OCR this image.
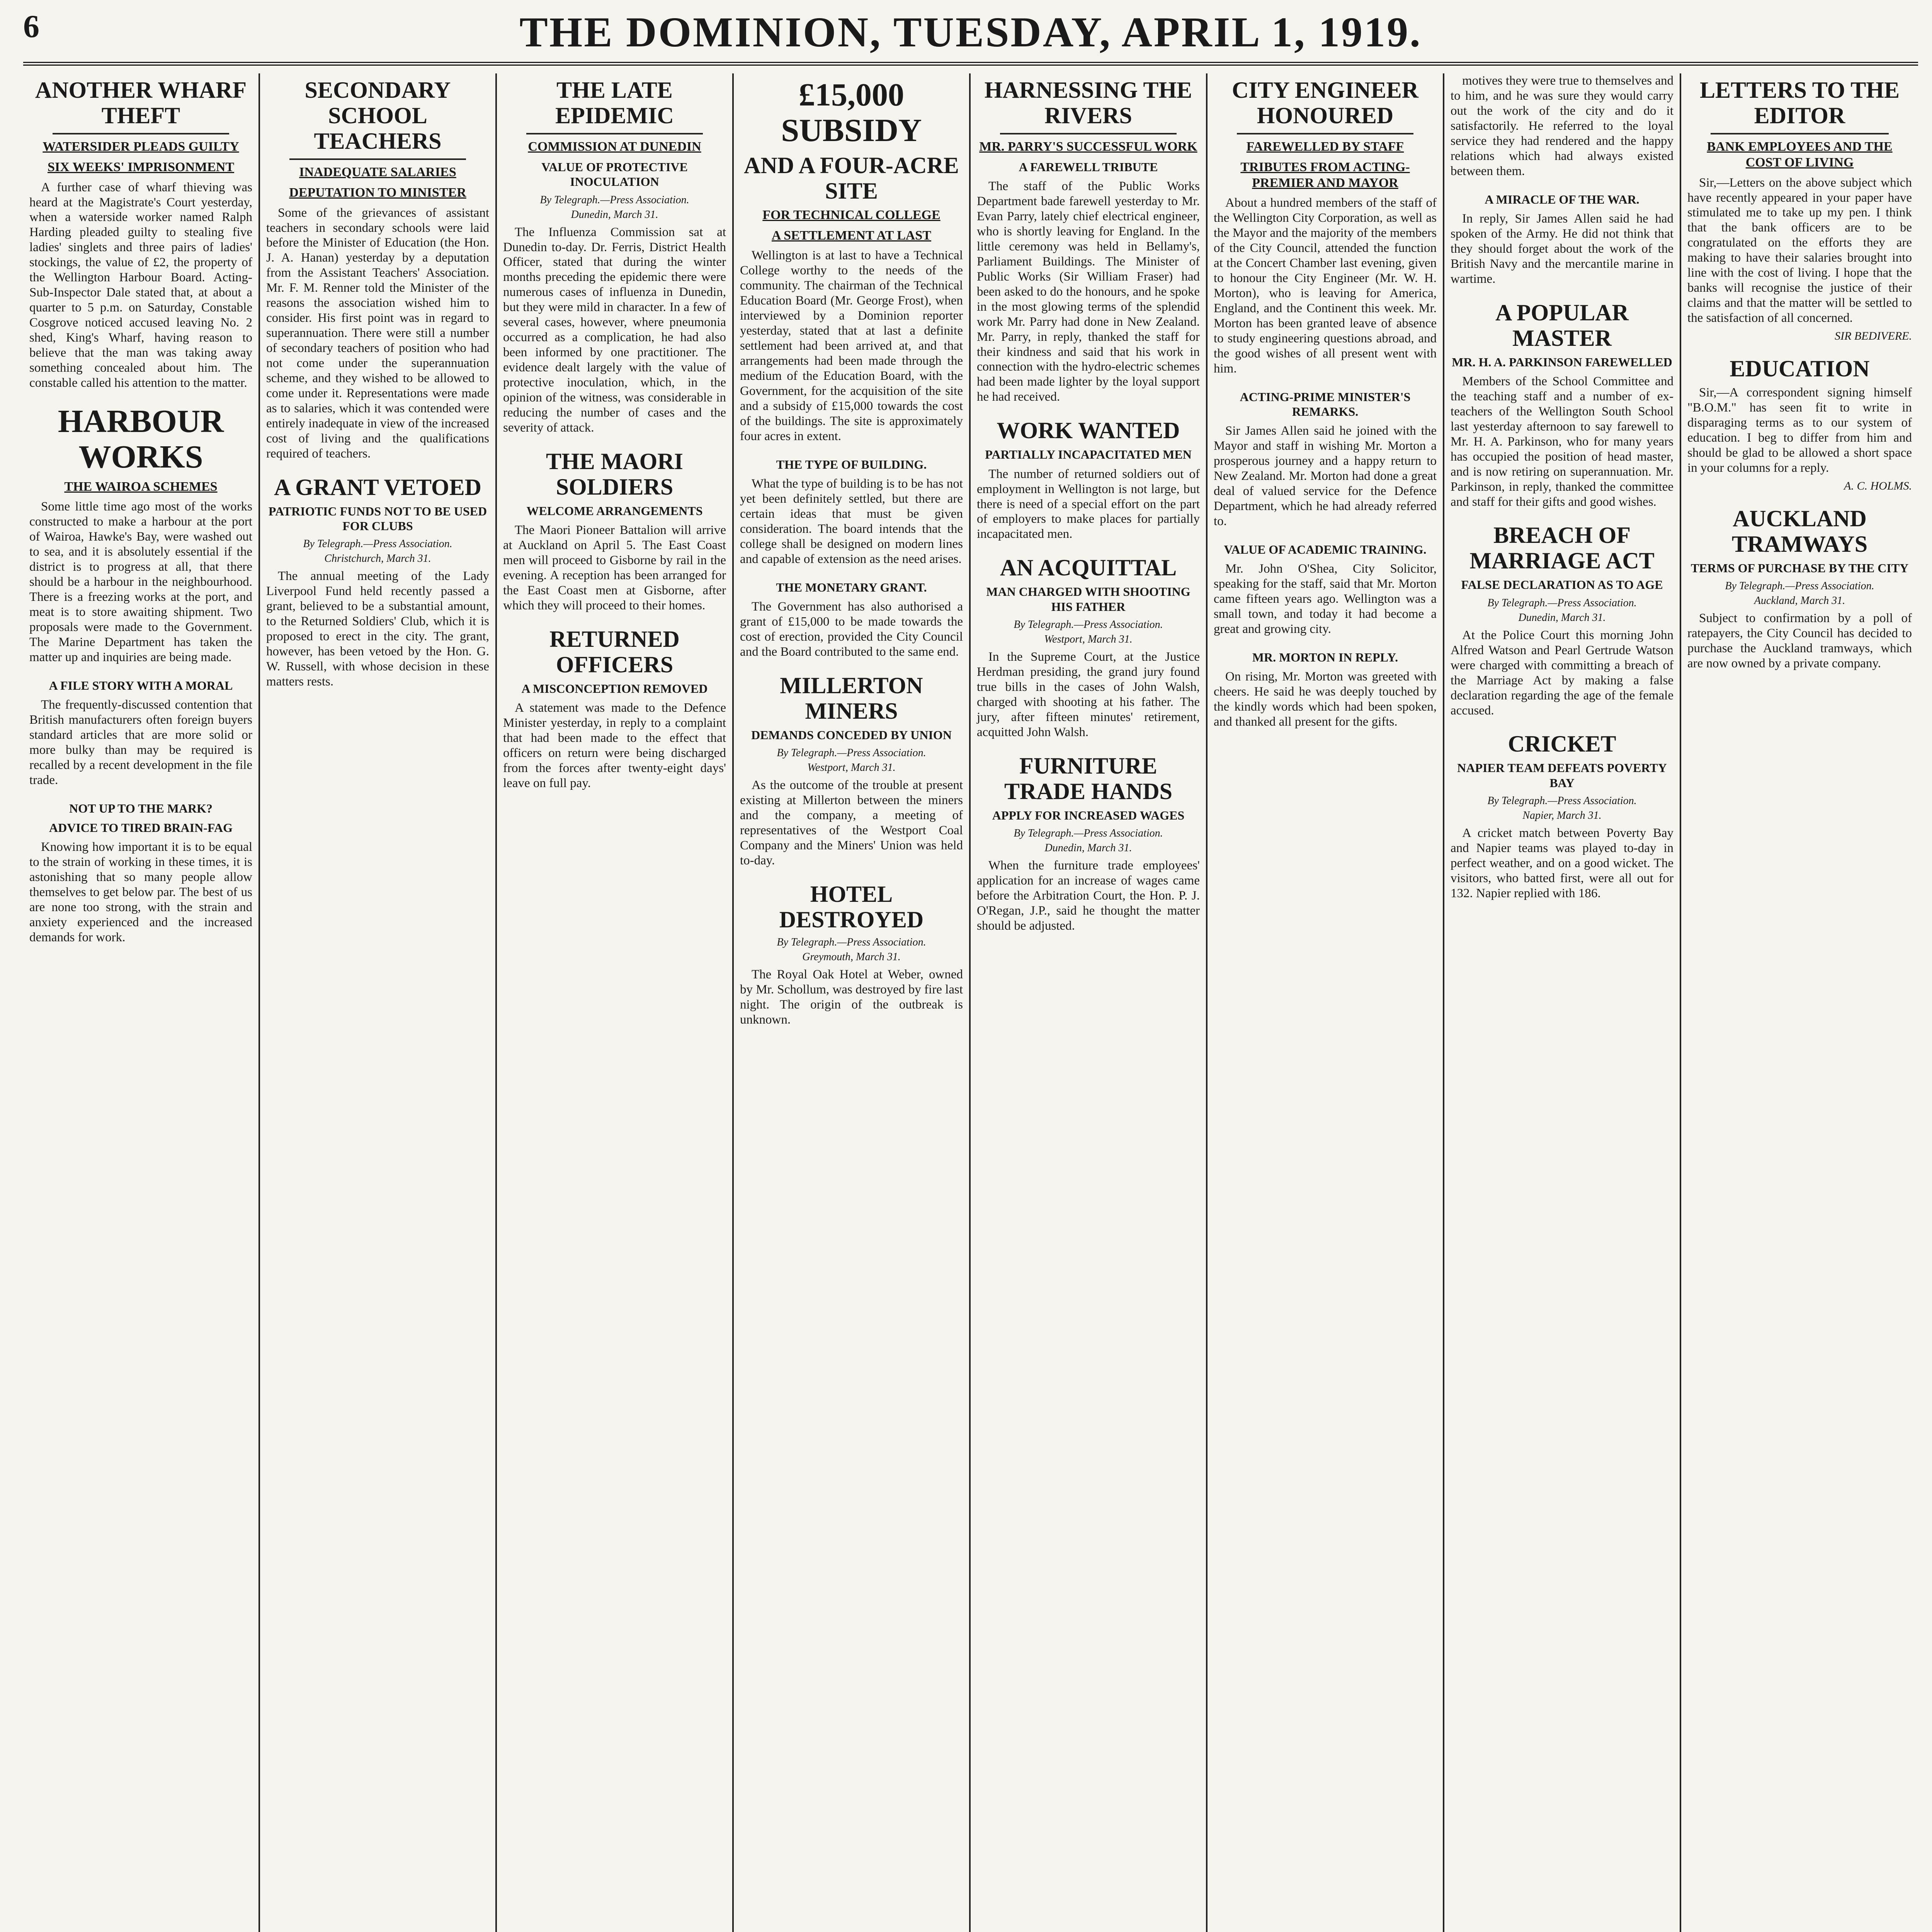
6	THE DOMINION, TUESDAY, APRIL 1, 1919.
ANOTHER WHARF THEFT
WATERSIDER PLEADS GUILTY
SIX WEEKS' IMPRISONMENT

A further case of wharf thieving was heard at the Magistrate's Court yesterday, when a waterside worker named Ralph Harding pleaded guilty to stealing five ladies' singlets and three pairs of ladies' stockings, the value of £2, the property of the Wellington Harbour Board. Acting-Sub-Inspector Dale stated that, at about a quarter to 5 p.m. on Saturday, Constable Cosgrove noticed accused leaving No. 2 shed, King's Wharf, having reason to believe that the man was taking away something concealed about him. The constable called his attention to the matter.

HARBOUR WORKS
THE WAIROA SCHEMES

Some little time ago most of the works constructed to make a harbour at the port of Wairoa, Hawke's Bay, were washed out to sea, and it is absolutely essential if the district is to progress at all, that there should be a harbour in the neighbourhood. There is a freezing works at the port, and meat is to store awaiting shipment. Two proposals were made to the Government. The Marine Department has taken the matter up and inquiries are being made.

A FILE STORY WITH A MORAL

The frequently-discussed contention that British manufacturers often foreign buyers standard articles that are more solid or more bulky than may be required is recalled by a recent development in the file trade.

NOT UP TO THE MARK?
ADVICE TO TIRED BRAIN-FAG

Knowing how important it is to be equal to the strain of working in these times, it is astonishing that so many people allow themselves to get below par. The best of us are none too strong, with the strain and anxiety experienced and the increased demands for work.

SECONDARY SCHOOL TEACHERS
INADEQUATE SALARIES
DEPUTATION TO MINISTER

Some of the grievances of assistant teachers in secondary schools were laid before the Minister of Education (the Hon. J. A. Hanan) yesterday by a deputation from the Assistant Teachers' Association. Mr. F. M. Renner told the Minister of the reasons the association wished him to consider. His first point was in regard to superannuation. There were still a number of secondary teachers of position who had not come under the superannuation scheme, and they wished to be allowed to come under it. Representations were made as to salaries, which it was contended were entirely inadequate in view of the increased cost of living and the qualifications required of teachers.

A GRANT VETOED
PATRIOTIC FUNDS NOT TO BE USED FOR CLUBS
By Telegraph.—Press Association.
Christchurch, March 31.

The annual meeting of the Lady Liverpool Fund held recently passed a grant, believed to be a substantial amount, to the Returned Soldiers' Club, which it is proposed to erect in the city. The grant, however, has been vetoed by the Hon. G. W. Russell, with whose decision in these matters rests.

THE LATE EPIDEMIC
COMMISSION AT DUNEDIN
VALUE OF PROTECTIVE INOCULATION
By Telegraph.—Press Association.
Dunedin, March 31.

The Influenza Commission sat at Dunedin to-day. Dr. Ferris, District Health Officer, stated that during the winter months preceding the epidemic there were numerous cases of influenza in Dunedin, but they were mild in character. In a few of several cases, however, where pneumonia occurred as a complication, he had also been informed by one practitioner. The evidence dealt largely with the value of protective inoculation, which, in the opinion of the witness, was considerable in reducing the number of cases and the severity of attack.

THE MAORI SOLDIERS
WELCOME ARRANGEMENTS

The Maori Pioneer Battalion will arrive at Auckland on April 5. The East Coast men will proceed to Gisborne by rail in the evening. A reception has been arranged for the East Coast men at Gisborne, after which they will proceed to their homes.

RETURNED OFFICERS
A MISCONCEPTION REMOVED

A statement was made to the Defence Minister yesterday, in reply to a complaint that had been made to the effect that officers on return were being discharged from the forces after twenty-eight days' leave on full pay.

£15,000 SUBSIDY
AND A FOUR-ACRE SITE
FOR TECHNICAL COLLEGE
A SETTLEMENT AT LAST

Wellington is at last to have a Technical College worthy to the needs of the community. The chairman of the Technical Education Board (Mr. George Frost), when interviewed by a Dominion reporter yesterday, stated that at last a definite settlement had been arrived at, and that arrangements had been made through the medium of the Education Board, with the Government, for the acquisition of the site and a subsidy of £15,000 towards the cost of the buildings. The site is approximately four acres in extent.

THE TYPE OF BUILDING.

What the type of building is to be has not yet been definitely settled, but there are certain ideas that must be given consideration. The board intends that the college shall be designed on modern lines and capable of extension as the need arises.

THE MONETARY GRANT.

The Government has also authorised a grant of £15,000 to be made towards the cost of erection, provided the City Council and the Board contributed to the same end.

MILLERTON MINERS
DEMANDS CONCEDED BY UNION
By Telegraph.—Press Association.
Westport, March 31.

As the outcome of the trouble at present existing at Millerton between the miners and the company, a meeting of representatives of the Westport Coal Company and the Miners' Union was held to-day.

HOTEL DESTROYED
By Telegraph.—Press Association.
Greymouth, March 31.

The Royal Oak Hotel at Weber, owned by Mr. Schollum, was destroyed by fire last night. The origin of the outbreak is unknown.

HARNESSING THE RIVERS
MR. PARRY'S SUCCESSFUL WORK
A FAREWELL TRIBUTE

The staff of the Public Works Department bade farewell yesterday to Mr. Evan Parry, lately chief electrical engineer, who is shortly leaving for England. In the little ceremony was held in Bellamy's, Parliament Buildings. The Minister of Public Works (Sir William Fraser) had been asked to do the honours, and he spoke in the most glowing terms of the splendid work Mr. Parry had done in New Zealand. Mr. Parry, in reply, thanked the staff for their kindness and said that his work in connection with the hydro-electric schemes had been made lighter by the loyal support he had received.

WORK WANTED
PARTIALLY INCAPACITATED MEN

The number of returned soldiers out of employment in Wellington is not large, but there is need of a special effort on the part of employers to make places for partially incapacitated men.

AN ACQUITTAL
MAN CHARGED WITH SHOOTING HIS FATHER
By Telegraph.—Press Association.
Westport, March 31.

In the Supreme Court, at the Justice Herdman presiding, the grand jury found true bills in the cases of John Walsh, charged with shooting at his father. The jury, after fifteen minutes' retirement, acquitted John Walsh.

FURNITURE TRADE HANDS
APPLY FOR INCREASED WAGES
By Telegraph.—Press Association.
Dunedin, March 31.

When the furniture trade employees' application for an increase of wages came before the Arbitration Court, the Hon. P. J. O'Regan, J.P., said he thought the matter should be adjusted.

CITY ENGINEER HONOURED
FAREWELLED BY STAFF
TRIBUTES FROM ACTING-PREMIER AND MAYOR

About a hundred members of the staff of the Wellington City Corporation, as well as the Mayor and the majority of the members of the City Council, attended the function at the Concert Chamber last evening, given to honour the City Engineer (Mr. W. H. Morton), who is leaving for America, England, and the Continent this week. Mr. Morton has been granted leave of absence to study engineering questions abroad, and the good wishes of all present went with him.

ACTING-PRIME MINISTER'S REMARKS.

Sir James Allen said he joined with the Mayor and staff in wishing Mr. Morton a prosperous journey and a happy return to New Zealand. Mr. Morton had done a great deal of valued service for the Defence Department, which he had already referred to.

VALUE OF ACADEMIC TRAINING.

Mr. John O'Shea, City Solicitor, speaking for the staff, said that Mr. Morton came fifteen years ago. Wellington was a small town, and today it had become a great and growing city.

MR. MORTON IN REPLY.

On rising, Mr. Morton was greeted with cheers. He said he was deeply touched by the kindly words which had been spoken, and thanked all present for the gifts.

motives they were true to themselves and to him, and he was sure they would carry out the work of the city and do it satisfactorily. He referred to the loyal service they had rendered and the happy relations which had always existed between them.

A MIRACLE OF THE WAR.

In reply, Sir James Allen said he had spoken of the Army. He did not think that they should forget about the work of the British Navy and the mercantile marine in wartime.

A POPULAR MASTER
MR. H. A. PARKINSON FAREWELLED

Members of the School Committee and the teaching staff and a number of ex-teachers of the Wellington South School last yesterday afternoon to say farewell to Mr. H. A. Parkinson, who for many years has occupied the position of head master, and is now retiring on superannuation. Mr. Parkinson, in reply, thanked the committee and staff for their gifts and good wishes.

BREACH OF MARRIAGE ACT
FALSE DECLARATION AS TO AGE
By Telegraph.—Press Association.
Dunedin, March 31.

At the Police Court this morning John Alfred Watson and Pearl Gertrude Watson were charged with committing a breach of the Marriage Act by making a false declaration regarding the age of the female accused.

CRICKET
NAPIER TEAM DEFEATS POVERTY BAY
By Telegraph.—Press Association.
Napier, March 31.

A cricket match between Poverty Bay and Napier teams was played to-day in perfect weather, and on a good wicket. The visitors, who batted first, were all out for 132. Napier replied with 186.

LETTERS TO THE EDITOR
BANK EMPLOYEES AND THE COST OF LIVING

Sir,—Letters on the above subject which have recently appeared in your paper have stimulated me to take up my pen. I think that the bank officers are to be congratulated on the efforts they are making to have their salaries brought into line with the cost of living. I hope that the banks will recognise the justice of their claims and that the matter will be settled to the satisfaction of all concerned.

SIR BEDIVERE.
EDUCATION

Sir,—A correspondent signing himself "B.O.M." has seen fit to write in disparaging terms as to our system of education. I beg to differ from him and should be glad to be allowed a short space in your columns for a reply.

A. C. HOLMS.
AUCKLAND TRAMWAYS
TERMS OF PURCHASE BY THE CITY
By Telegraph.—Press Association.
Auckland, March 31.

Subject to confirmation by a poll of ratepayers, the City Council has decided to purchase the Auckland tramways, which are now owned by a private company.
